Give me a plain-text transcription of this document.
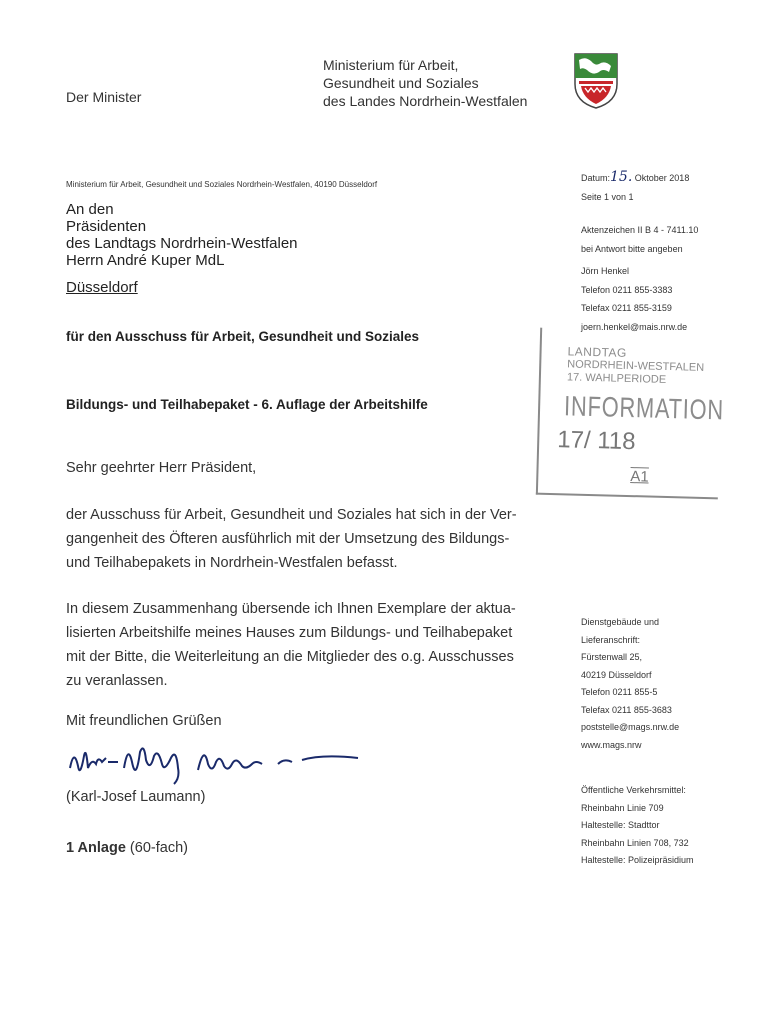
Ministerium für Arbeit,
Gesundheit und Soziales
des Landes Nordrhein-Westfalen
Der Minister
Ministerium für Arbeit, Gesundheit und Soziales Nordrhein-Westfalen, 40190 Düsseldorf
An den
Präsidenten
des Landtags Nordrhein-Westfalen
Herrn André Kuper MdL
Düsseldorf
für den Ausschuss für Arbeit, Gesundheit und Soziales
Bildungs- und Teilhabepaket - 6. Auflage der Arbeitshilfe
Sehr geehrter Herr Präsident,
der Ausschuss für Arbeit, Gesundheit und Soziales hat sich in der Ver-
gangenheit des Öfteren ausführlich mit der Umsetzung des Bildungs-
und Teilhabepakets in Nordrhein-Westfalen befasst.
In diesem Zusammenhang übersende ich Ihnen Exemplare der aktua-
lisierten Arbeitshilfe meines Hauses zum Bildungs- und Teilhabepaket
mit der Bitte, die Weiterleitung an die Mitglieder des o.g. Ausschusses
zu veranlassen.
Mit freundlichen Grüßen
(Karl-Josef Laumann)
1 Anlage (60-fach)
Datum:15. Oktober 2018
Seite 1 von 1
Aktenzeichen II B 4 - 7411.10
bei Antwort bitte angeben
Jörn Henkel
Telefon 0211 855-3383
Telefax 0211 855-3159
joern.henkel@mais.nrw.de
LANDTAG
NORDRHEIN-WESTFALEN
17. WAHLPERIODE
INFORMATION
17/ 118
A1
Dienstgebäude und
Lieferanschrift:
Fürstenwall 25,
40219 Düsseldorf
Telefon 0211 855-5
Telefax 0211 855-3683
poststelle@mags.nrw.de
www.mags.nrw
Öffentliche Verkehrsmittel:
Rheinbahn Linie 709
Haltestelle: Stadttor
Rheinbahn Linien 708, 732
Haltestelle: Polizeipräsidium
